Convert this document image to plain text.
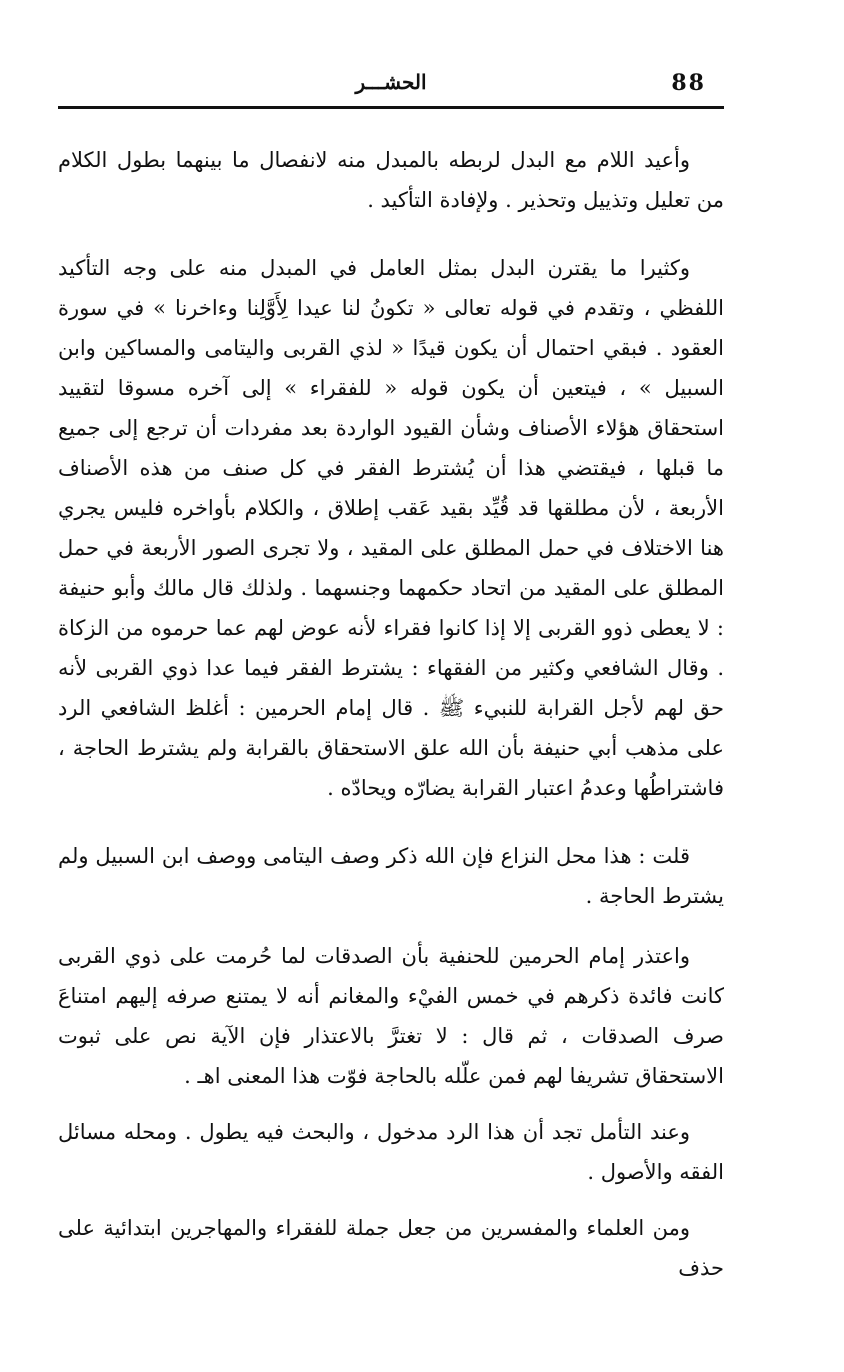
88
الحشـــر

وأعيد اللام مع البدل لربطه بالمبدل منه لانفصال ما بينهما بطول الكلام من تعليل وتذييل وتحذير . ولإفادة التأكيد .

وكثيرا ما يقترن البدل بمثل العامل في المبدل منه على وجه التأكيد اللفظي ، وتقدم في قوله تعالى « تكونُ لنا عيدا لِأَوَّلِنا وءاخرنا » في سورة العقود . فبقي احتمال أن يكون قيدًا « لذي القربى واليتامى والمساكين وابن السبيل » ، فيتعين أن يكون قوله « للفقراء » إلى آخره مسوقا لتقييد استحقاق هؤلاء الأصناف وشأن القيود الواردة بعد مفردات أن ترجع إلى جميع ما قبلها ، فيقتضي هذا أن يُشترط الفقر في كل صنف من هذه الأصناف الأربعة ، لأن مطلقها قد قُيِّد بقيد عَقب إطلاق ، والكلام بأواخره فليس يجري هنا الاختلاف في حمل المطلق على المقيد ، ولا تجرى الصور الأربعة في حمل المطلق على المقيد من اتحاد حكمهما وجنسهما . ولذلك قال مالك وأبو حنيفة : لا يعطى ذوو القربى إلا إذا كانوا فقراء لأنه عوض لهم عما حرموه من الزكاة . وقال الشافعي وكثير من الفقهاء : يشترط الفقر فيما عدا ذوي القربى لأنه حق لهم لأجل القرابة للنبيء ﷺ . قال إمام الحرمين : أغلظ الشافعي الرد على مذهب أبي حنيفة بأن الله علق الاستحقاق بالقرابة ولم يشترط الحاجة ، فاشتراطُها وعدمُ اعتبار القرابة يضارّه ويحادّه .

قلت : هذا محل النزاع فإن الله ذكر وصف اليتامى ووصف ابن السبيل ولم يشترط الحاجة .

واعتذر إمام الحرمين للحنفية بأن الصدقات لما حُرمت على ذوي القربى كانت فائدة ذكرهم في خمس الفيْء والمغانم أنه لا يمتنع صرفه إليهم امتناعَ صرف الصدقات ، ثم قال : لا تغترَّ بالاعتذار فإن الآية نص على ثبوت الاستحقاق تشريفا لهم فمن علّله بالحاجة فوّت هذا المعنى اهـ .

وعند التأمل تجد أن هذا الرد مدخول ، والبحث فيه يطول . ومحله مسائل الفقه والأصول .

ومن العلماء والمفسرين من جعل جملة للفقراء والمهاجرين ابتدائية على حذف
